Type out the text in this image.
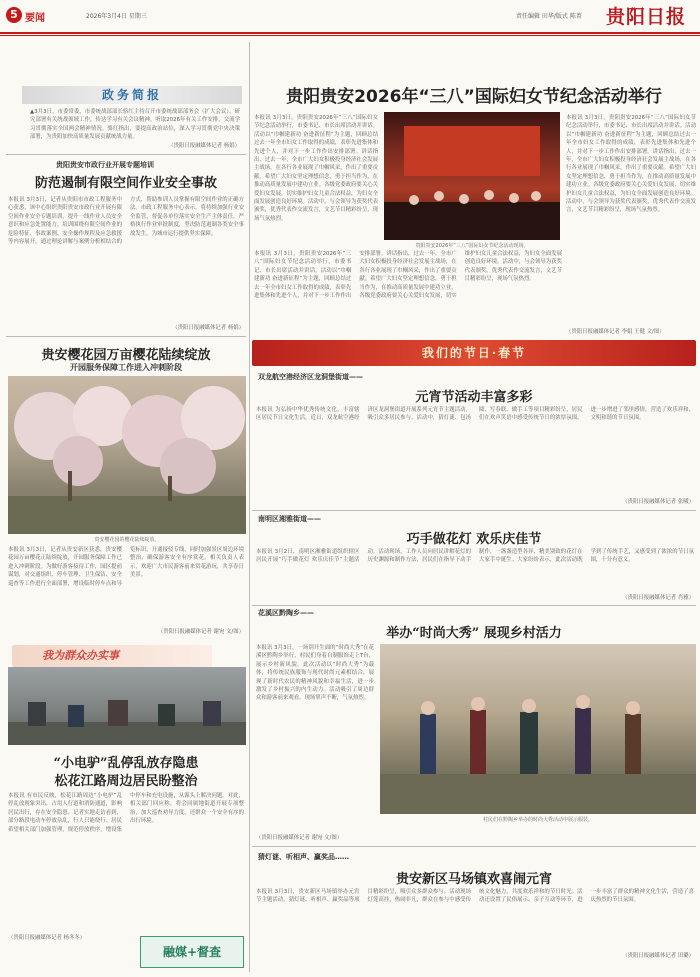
5 要闻	2026年3月4日 星期三	责任编辑 田华/版式 陈菁 贵阳日报
政务简报
▲3月3日，市委常委、市委统战部部长骆红主持召开市委统战部部务会（扩大会议），研究部署有关统战领域工作，传达学习有关会议精神，听取2026年有关工作安排，交流学习贯彻落实全国两会精神情况。骆红指出，要提高政治站位，深入学习贯彻党中央决策部署，为贵阳加快高质量发展贡献统战力量。
（贵阳日报融媒体记者 杨娟）
贵阳贵安市政行业开展专题培训
防范遏制有限空间作业安全事故
本报讯 3月3日，记者从贵阳市市政工程服务中心获悉，该中心组织贵阳贵安市政行业开展有限空间作业安全专题培训，提升一线作业人员安全意识和应急处置能力。培训围绕有限空间作业的危险特征、事故案例、安全操作规程及应急救援等内容展开，通过理论讲解与案例分析相结合的方式，帮助参训人员掌握有限空间作业的正确方法。市政工程服务中心表示，将持续加强行业安全监管，督促各单位落实安全生产主体责任，严格执行作业审批制度，坚决防范遏制各类安全事故发生，为城市运行提供坚实保障。
（贵阳日报融媒体记者 杨娟）
贵安樱花园万亩樱花陆续绽放
开园服务保障工作进入冲刺阶段
贵安樱花园的樱花陆续绽放。
本报讯 3月3日，记者从贵安新区获悉，贵安樱花园万亩樱花正陆续绽放，开园服务保障工作已进入冲刺阶段。为做好游客接待工作，园区提前谋划，对交通组织、停车管理、卫生保洁、安全巡查等工作进行全面部署，增设临时停车点和导览标识，开通接驳专线，同时加强景区周边环境整治，确保游客安全有序赏花。相关负责人表示，欢迎广大市民游客前来赏花游玩，共享春日美景。
（贵阳日报融媒体记者 谢宛 文/图）
我为群众办实事
“小电驴”乱停乱放存隐患
松花江路周边居民盼整治
本报讯 有市民反映，松花江路周边“小电驴”乱停乱放现象突出，占用人行道和消防通道，影响居民出行，存在安全隐患。记者实地走访看到，部分路段电动车停放杂乱，行人只能绕行。居民希望相关部门加强管理，规范停放秩序，增设集中停车和充电设施，从源头上解决问题。对此，相关部门回应称，将会同属地街道开展专项整治，加大巡查劝导力度，还群众一个安全有序的出行环境。
（贵阳日报融媒体记者 杨冬冬）
融媒+督查
贵阳贵安2026年“三八”国际妇女节纪念活动举行
本报讯 3月3日，贵阳贵安2026年“三八”国际妇女节纪念活动举行，市委书记、市长出席活动并讲话。活动以“巾帼建新功 奋进新征程”为主题，回顾总结过去一年全市妇女工作取得的成绩，表彰先进集体和先进个人，并对下一步工作作出安排部署。讲话指出，过去一年，全市广大妇女积极投身经济社会发展主战场，在各行各业展现了巾帼风采，作出了重要贡献。希望广大妇女坚定理想信念，勇于担当作为，在推动高质量发展中建功立业。各级党委政府要关心关爱妇女发展，切实维护妇女儿童合法权益，为妇女全面发展创造良好环境。活动中，与会领导为获奖代表颁奖，优秀代表作交流发言，文艺节目精彩纷呈，现场气氛热烈。
贵阳贵安2026年“三八”国际妇女节纪念活动现场。
本报讯 3月3日，贵阳贵安2026年“三八”国际妇女节纪念活动举行，市委书记、市长出席活动并讲话。活动以“巾帼建新功 奋进新征程”为主题，回顾总结过去一年全市妇女工作取得的成绩，表彰先进集体和先进个人，并对下一步工作作出安排部署。讲话指出，过去一年，全市广大妇女积极投身经济社会发展主战场，在各行各业展现了巾帼风采，作出了重要贡献。希望广大妇女坚定理想信念，勇于担当作为，在推动高质量发展中建功立业。各级党委政府要关心关爱妇女发展，切实维护妇女儿童合法权益，为妇女全面发展创造良好环境。活动中，与会领导为获奖代表颁奖，优秀代表作交流发言，文艺节目精彩纷呈，现场气氛热烈。
本报讯 3月3日，贵阳贵安2026年“三八”国际妇女节纪念活动举行，市委书记、市长出席活动并讲话。活动以“巾帼建新功 奋进新征程”为主题，回顾总结过去一年全市妇女工作取得的成绩，表彰先进集体和先进个人，并对下一步工作作出安排部署。讲话指出，过去一年，全市广大妇女积极投身经济社会发展主战场，在各行各业展现了巾帼风采，作出了重要贡献。希望广大妇女坚定理想信念，勇于担当作为，在推动高质量发展中建功立业。各级党委政府要关心关爱妇女发展，切实维护妇女儿童合法权益，为妇女全面发展创造良好环境。活动中，与会领导为获奖代表颁奖，优秀代表作交流发言，文艺节目精彩纷呈，现场气氛热烈。
（贵阳日报融媒体记者 李娟 王健 文/图）
我们的节日·春节
双龙航空港经济区龙洞堡街道——
元宵节活动丰富多彩
本报讯 为弘扬中华优秀传统文化，丰富辖区居民节日文化生活，近日，双龙航空港经济区龙洞堡街道开展系列元宵节主题活动，吸引众多居民参与。活动中，猜灯谜、包汤圆、写春联、做手工等项目精彩纷呈，居民们在欢声笑语中感受传统节日的浓厚氛围，进一步增进了邻里感情，营造了欢乐祥和、文明和谐的节日氛围。
（贵阳日报融媒体记者 张曦）
南明区湘雅街道——
巧手做花灯 欢乐庆佳节
本报讯 3月2日，南明区湘雅街道组织辖区居民开展“巧手做花灯 欢乐庆佳节”主题活动。活动现场，工作人员向居民讲解花灯的历史渊源和制作方法，居民们在指导下动手制作，一盏盏造型各异、精美别致的花灯在大家手中诞生。大家纷纷表示，此次活动既学到了传统手艺，又感受到了浓浓的节日氛围，十分有意义。
（贵阳日报融媒体记者 肖雅）
花溪区黔陶乡——
举办“时尚大秀” 展现乡村活力
本报讯 3月3日，一场别开生面的“时尚大秀”在花溪区黔陶乡举行，村民们身着自制服饰走上T台，展示乡村新风貌。此次活动以“时尚大秀”为载体，将传统民族服饰与现代时尚元素相结合，展现了新时代农民的精神风貌和幸福生活，进一步激发了乡村振兴的内生动力。活动吸引了周边群众和游客前来观看，现场掌声不断，气氛热烈。
村民们在黔陶乡举办的时尚大秀活动中展示服装。
（贵阳日报融媒体记者 谢宛 文/图）
猜灯谜、听相声、赢奖品……
贵安新区马场镇欢喜闹元宵
本报讯 3月3日，贵安新区马场镇举办元宵节主题活动，猜灯谜、听相声、赢奖品等项目精彩纷呈，吸引众多群众参与。活动现场灯笼高挂，热闹非凡，群众在参与中感受传统文化魅力，共度欢乐祥和的节日时光。活动还设置了民俗展示、亲子互动等环节，进一步丰富了群众的精神文化生活，营造了喜庆热烈的节日氛围。
（贵阳日报融媒体记者 田璐）
